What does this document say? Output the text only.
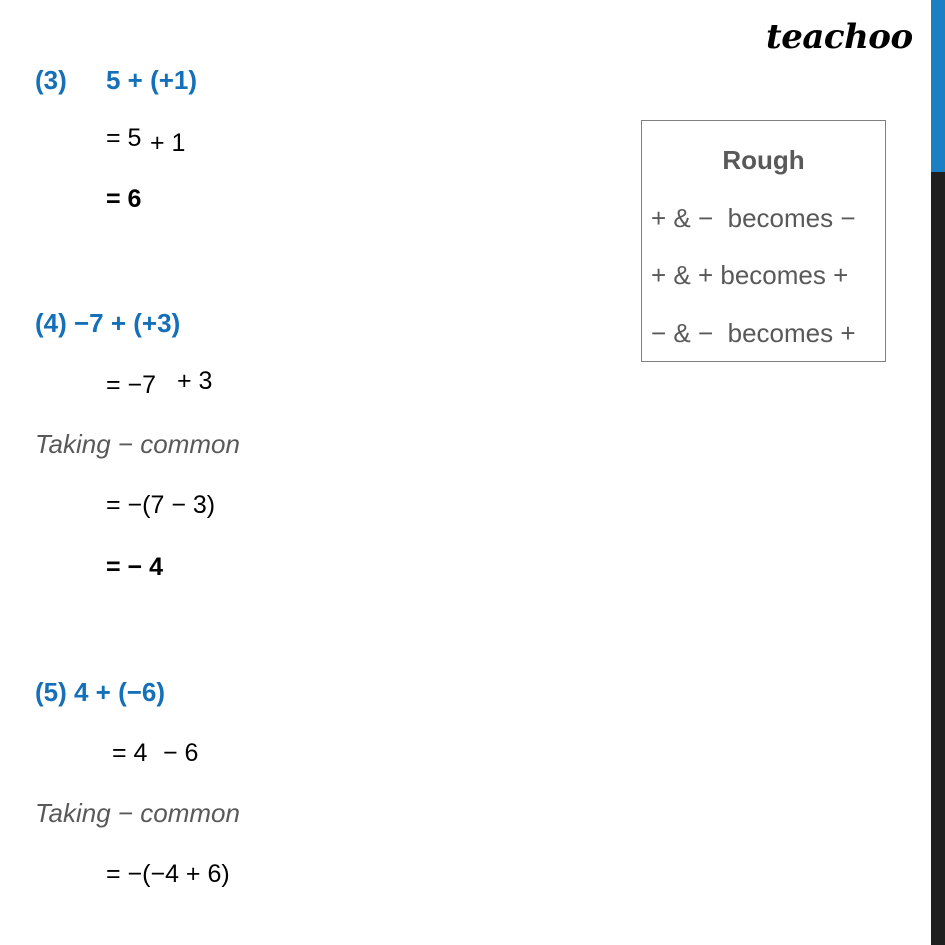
teachoo
(3) 5 + (+1)
= 5 + 1
= 6
(4) −7 + (+3)
= −7 + 3
Taking − common
= −(7 − 3)
= − 4
(5) 4 + (−6)
= 4 − 6
Taking − common
= −(−4 + 6)
Rough
+ & −  becomes −
+ & + becomes +
− & −  becomes +
